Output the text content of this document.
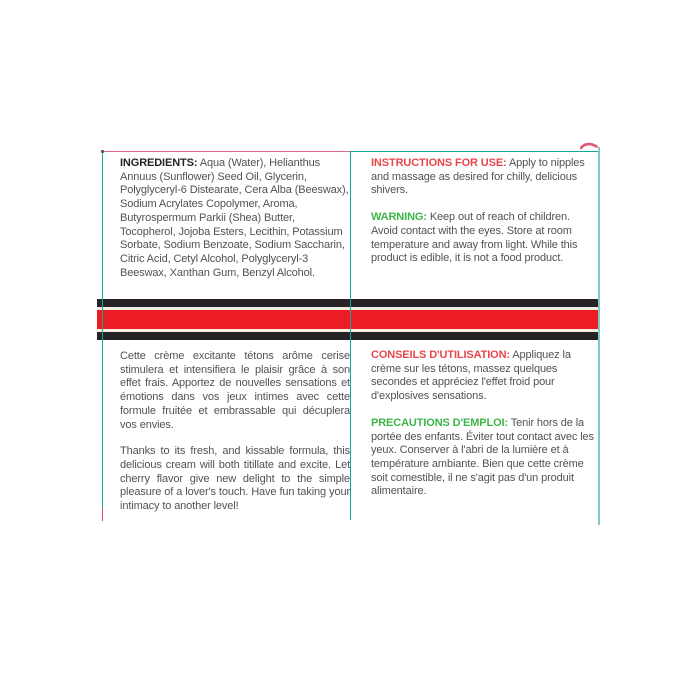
INGREDIENTS: Aqua (Water), Helianthus Annuus (Sunflower) Seed Oil, Glycerin, Polyglyceryl-6 Distearate, Cera Alba (Beeswax), Sodium Acrylates Copolymer, Aroma, Butyrospermum Parkii (Shea) Butter, Tocopherol, Jojoba Esters, Lecithin, Potassium Sorbate, Sodium Benzoate, Sodium Saccharin, Citric Acid, Cetyl Alcohol, Polyglyceryl-3 Beeswax, Xanthan Gum, Benzyl Alcohol.

INSTRUCTIONS FOR USE: Apply to nipples and massage as desired for chilly, delicious shivers.

WARNING: Keep out of reach of children. Avoid contact with the eyes. Store at room temperature and away from light. While this product is edible, it is not a food product.

Cette crème excitante tétons arôme cerise stimulera et intensifiera le plaisir grâce à son effet frais. Apportez de nouvelles sensations et émotions dans vos jeux intimes avec cette formule fruitée et embrassable qui décuplera vos envies.

Thanks to its fresh, and kissable formula, this delicious cream will both titillate and excite. Let cherry flavor give new delight to the simple pleasure of a lover's touch. Have fun taking your intimacy to another level!

CONSEILS D'UTILISATION: Appliquez la crème sur les tétons, massez quelques secondes et appréciez l'effet froid pour d'explosives sensations.

PRECAUTIONS D'EMPLOI: Tenir hors de la portée des enfants. Éviter tout contact avec les yeux. Conserver à l'abri de la lumière et à température ambiante. Bien que cette crème soit comestible, il ne s'agit pas d'un produit alimentaire.
